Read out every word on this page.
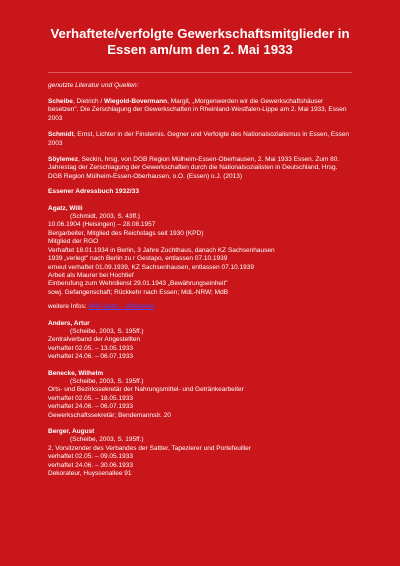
Verhaftete/verfolgte Gewerkschaftsmitglieder in
Essen am/um den 2. Mai 1933
genutzte Literatur und Quellen:
Scheibe, Dietrich / Wiegold-Bovermann, Margit, „Morgenwerden wir die Gewerkschaftshäuser besetzen". Die Zerschlagung der Gewerkschaften in Rheinland-Westfalen-Lippe am 2. Mai 1933, Essen 2003
Schmidt, Ernst, Lichter in der Finsternis. Gegner und Verfolgte des Nationalsozialismus in Essen, Essen 2003
Söylemez, Seckin, hrsg. von DGB Region Mülheim-Essen-Oberhausen, 2. Mai 1933 Essen. Zum 80. Jahrestag der Zerschlagung der Gewerkschaften durch die Nationalsozialisten in Deutschland, Hrsg. DGB Region Mülheim-Essen-Oberhausen, o.O. (Essen) o.J. (2013)
Essener Adressbuch 1932/33
Agatz, Willi
(Schmidt, 2003, S. 43ff.)
10.06.1904 (Heisingen) – 28.08.1957
Bergarbeiter, Mitglied des Reichstags seit 1930 (KPD)
Mitglied der RGO
Verhaftet 18.01.1934 in Berlin, 3 Jahre Zuchthaus, danach KZ Sachsenhausen
1939 „verlegt" nach Berlin zu r Gestapo, entlassen 07.10.1939
erneut verhaftet 01.09.1939, KZ Sachsenhausen, entlassen 07.10.1939
Arbeit als Maurer bei Hochtief
Einberufung zum Wehrdienst 29.01.1943 „Bewährungseinheit"
sowj. Gefangenschaft; Rückkehr nach Essen; MdL-NRW; MdB
weitere Infos: Willi Agatz – Wikipedia
Anders, Artur
(Scheibe, 2003, S. 195ff.)
Zentralverband der Angestellten
verhaftet 02.05. – 13.05.1933
verhaftet 24.06. – 06.07.1933
Benecke, Wilhelm
(Scheibe, 2003, S. 195ff.)
Orts- und Bezirkssekretär der Nahrungsmittel- und Getränkearbeiter
verhaftet 02.05. – 18.05.1933
verhaftet 24.06. – 06.07.1933
Gewerkschaftssekretär; Bendemannstr. 20
Berger, August
(Scheibe, 2003, S. 195ff.)
2. Vorsitzender des Verbandes der Sattler, Tapezierer und Portefeuiller
verhaftet 02.05. – 09.05.1933
verhaftet 24.06. – 30.06.1933
Dekorateur, Huyssenallee 91
